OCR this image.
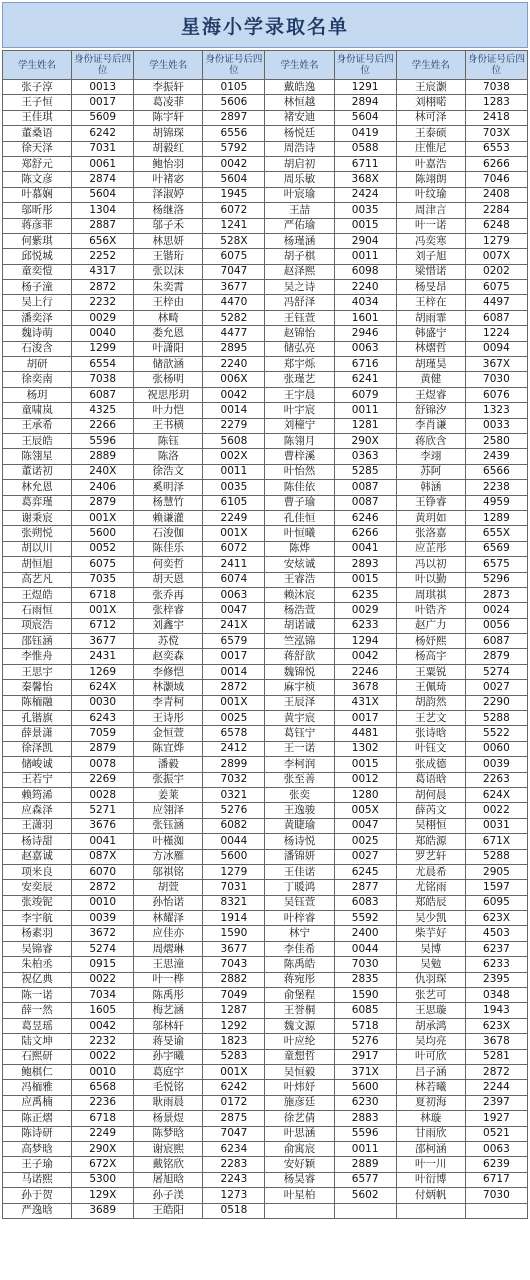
星海小学录取名单
学生姓名	身份证号后四位	学生姓名	身份证号后四位	学生姓名	身份证号后四位	学生姓名	身份证号后四位
张子淳	0013	李振轩	0105	戴皓逸	1291	王宸灏	7038
王子恒	0017	葛凌菲	5606	林恒越	2894	刘栩喏	1283
王佳琪	5609	陈宇轩	2897	褚安迪	5604	林可泽	2418
董桑语	6242	胡锦琛	6556	杨悦廷	0419	王泰硕	703X
徐天泽	7031	胡毅红	5792	周浩诗	0588	庄惟尼	6553
郑舒元	0061	鲍怡羽	0042	胡启初	6711	叶嘉浩	6266
陈文彦	2874	叶褚宓	5604	周乐敏	368X	陈翊朗	7046
叶慕娴	5604	泽淑婷	1945	叶宸瑜	2424	叶纹瑜	2408
邬昕彤	1304	杨继洛	6072	王喆	0035	周津言	2284
蒋彦菲	2887	邬子禾	1241	严佑瑜	0015	叶一诺	6248
何紫琪	656X	林思妍	528X	杨瑾涵	2904	冯奕寒	1279
邱悦城	2252	王锴珩	6075	胡子棋	0011	刘子旭	007X
童奕愷	4317	张以沫	7047	赵泽熙	6098	梁惜诺	0202
杨子潼	2872	朱奕霄	3677	吴之诗	2240	杨旻昂	6075
吴上行	2232	王梓由	4470	冯舒泽	4034	王梓在	4497
潘奕泽	0029	林畸	5282	王钰萱	1601	胡雨霏	6087
魏诗萌	0040	娄允恩	4477	赵锦怡	2946	韩盛宁	1224
石浚含	1299	叶潇阳	2895	储弘亮	0063	林熠哲	0094
胡研	6554	储歆涵	2240	郑宇烁	6716	胡瑾昊	367X
徐奕南	7038	张杨明	006X	张瑾艺	6241	黄健	7030
杨玥	6087	祝思彤玥	0042	王宇晨	6079	王煜睿	6076
童啸岚	4325	叶力恺	0014	叶宇宸	0011	舒锦汐	1323
王承希	2266	王书横	2279	刘橦宁	1281	李肖谦	0033
王辰皓	5596	陈钰	5608	陈翎月	290X	蒋欣含	2580
陈翎星	2889	陈洛	002X	曹梓溪	0363	李翊	2439
董诺初	240X	徐浩文	0011	叶怡然	5285	苏阿	6566
林允恩	2406	奚明泽	0035	陈佳依	0087	韩涵	2238
葛弈瑾	2879	杨慧竹	6105	曹子瑜	0087	王铮睿	4959
谢秉宸	001X	赖谦灌	2249	孔佳恒	6246	黄玥如	1289
张朔悦	5600	石浚伽	001X	叶恒曦	6266	张洛嘉	655X
胡以川	0052	陈佳乐	6072	陈烨	0041	应芷彤	6569
胡恒旭	6075	何奕哲	2411	安炫诚	2893	冯以初	6575
高艺凡	7035	胡天恩	6074	王睿浩	0015	叶以勤	5296
王煜皓	6718	张乔再	0063	赖沐宸	6235	周琪祺	2873
石雨恒	001X	张梓睿	0047	杨浩萱	0029	叶锆齐	0024
项宸浩	6712	刘鑫宇	241X	胡诺诚	6233	赵广力	0056
邵钰涵	3677	苏傥	6579	竺泓锦	1294	杨妤熙	6087
李惟舟	2431	赵奕森	0017	蒋舒歆	0042	杨高宇	2879
王思宇	1269	李修恺	0014	魏锦悦	2246	王粟锐	5274
秦馨怡	624X	林灏域	2872	麻宇桢	3678	王佩琦	0027
陈栭融	0030	李青柯	001X	王辰泽	431X	胡韵然	2290
孔锴旗	6243	王诗彤	0025	黄宇宸	0017	王艺文	5288
薛景潇	7059	金恒萱	6578	葛钰宁	4481	张诗晗	5522
徐泽凯	2879	陈宜烨	2412	王一诺	1302	叶钰文	0060
储峻诚	0078	潘毅	2899	李柯润	0015	张成德	0039
王若宁	2269	张振宇	7032	张至善	0012	葛语晗	2263
赖筠浠	0028	姜莱	0321	张奕	1280	胡何晨	624X
应森泽	5271	应翎泽	5276	王逸骏	005X	薛芮文	0022
王潇羽	3676	张钰涵	6082	黄睫瑜	0047	吴栩恒	0031
杨诗甜	0041	叶槿洳	0044	杨诗悦	0025	郑皓源	671X
赵嘉诚	087X	方冰雁	5600	潘锦妍	0027	罗艺轩	5288
项米良	6070	邬祺铭	1279	王佳诺	6245	尤晨希	2905
安奕辰	2872	胡萱	7031	丁暖鸿	2877	尤铭雨	1597
张竣铌	0010	孙怡诺	8321	吴钰萱	6083	郑皓辰	6095
李宇航	0039	林耀泽	1914	叶梓睿	5592	吴少凯	623X
杨素羽	3672	应佳亦	1590	林宁	2400	柴芋好	4503
吴锦睿	5274	周熠琳	3677	李佳希	0044	吴博	6237
朱柏丞	0915	王思潼	7043	陈禹皓	7030	吴勉	6233
祝亿典	0022	叶一桦	2882	蒋宛彤	2835	仇羽琛	2395
陈一诺	7034	陈禹彤	7049	俞堡程	1590	张艺可	0348
薛一然	1605	梅艺涵	1287	王誉桐	6085	王思璇	1943
葛昱瑶	0042	邬林轩	1292	魏文源	5718	胡承鸿	623X
陆文坤	2232	蒋旻谕	1823	叶应纶	5276	吴均亮	3678
石熙研	0022	孙宇曦	5283	童想哲	2917	叶可欣	5281
鲍棋仁	0010	葛庭宇	001X	吴恒毅	371X	吕子涵	2872
冯栭雅	6568	毛悦铭	6242	叶炜妤	5600	林若曦	2244
应禹楠	2236	耿雨晨	0172	施彦廷	6230	夏初海	2397
陈正熠	6718	杨景煜	2875	徐艺倩	2883	林璇	1927
陈诗研	2249	陈梦晗	7047	叶思涵	5596	甘雨欣	0521
高梦晗	290X	谢宸熙	6234	俞寓宸	0011	邵柯涵	0063
王子瑜	672X	戴铭欣	2283	安好颖	2889	叶一川	6239
马诺熙	5300	屠旭晗	2243	杨昊睿	6577	叶衍博	6717
孙于贺	129X	孙子渼	1273	叶星柏	5602	付炳帆	7030
严逸晗	3689	王皓阳	0518				
